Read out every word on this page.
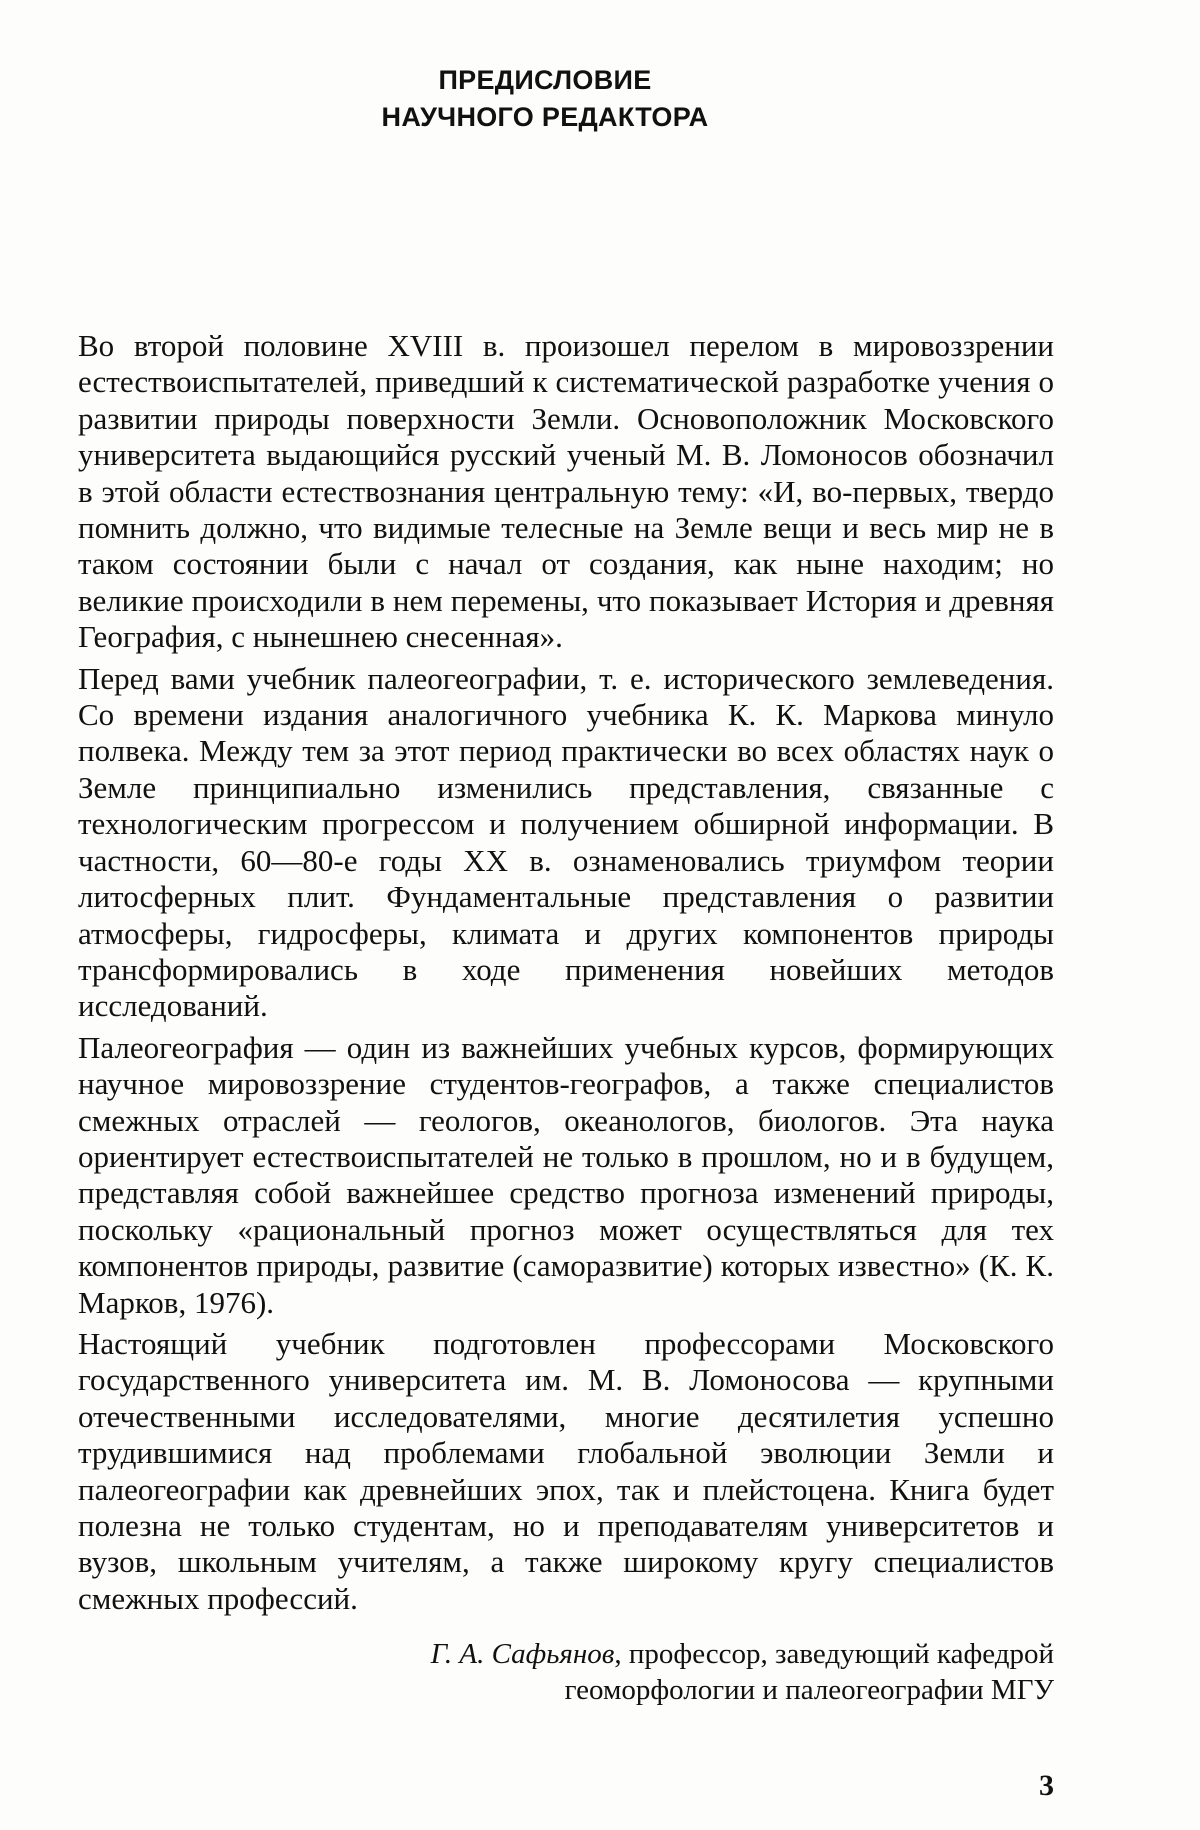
ПРЕДИСЛОВИЕ
НАУЧНОГО РЕДАКТОРА

Во второй половине XVIII в. произошел перелом в мировоззрении естествоиспытателей, приведший к систематической разработке учения о развитии природы поверхности Земли. Основоположник Московского университета выдающийся русский ученый М. В. Ломоносов обозначил в этой области естествознания центральную тему: «И, во-первых, твердо помнить должно, что видимые телесные на Земле вещи и весь мир не в таком состоянии были с начал от создания, как ныне находим; но великие происходили в нем перемены, что показывает История и древняя География, с нынешнею снесенная».

Перед вами учебник палеогеографии, т. е. исторического землеведения. Со времени издания аналогичного учебника К. К. Маркова минуло полвека. Между тем за этот период практически во всех областях наук о Земле принципиально изменились представления, связанные с технологическим прогрессом и получением обширной информации. В частности, 60—80-е годы XX в. ознаменовались триумфом теории литосферных плит. Фундаментальные представления о развитии атмосферы, гидросферы, климата и других компонентов природы трансформировались в ходе применения новейших методов исследований.

Палеогеография — один из важнейших учебных курсов, формирующих научное мировоззрение студентов-географов, а также специалистов смежных отраслей — геологов, океанологов, биологов. Эта наука ориентирует естествоиспытателей не только в прошлом, но и в будущем, представляя собой важнейшее средство прогноза изменений природы, поскольку «рациональный прогноз может осуществляться для тех компонентов природы, развитие (саморазвитие) которых известно» (К. К. Марков, 1976).

Настоящий учебник подготовлен профессорами Московского государственного университета им. М. В. Ломоносова — крупными отечественными исследователями, многие десятилетия успешно трудившимися над проблемами глобальной эволюции Земли и палеогеографии как древнейших эпох, так и плейстоцена. Книга будет полезна не только студентам, но и преподавателям университетов и вузов, школьным учителям, а также широкому кругу специалистов смежных профессий.

Г. А. Сафьянов, профессор, заведующий кафедрой
геоморфологии и палеогеографии МГУ
3
